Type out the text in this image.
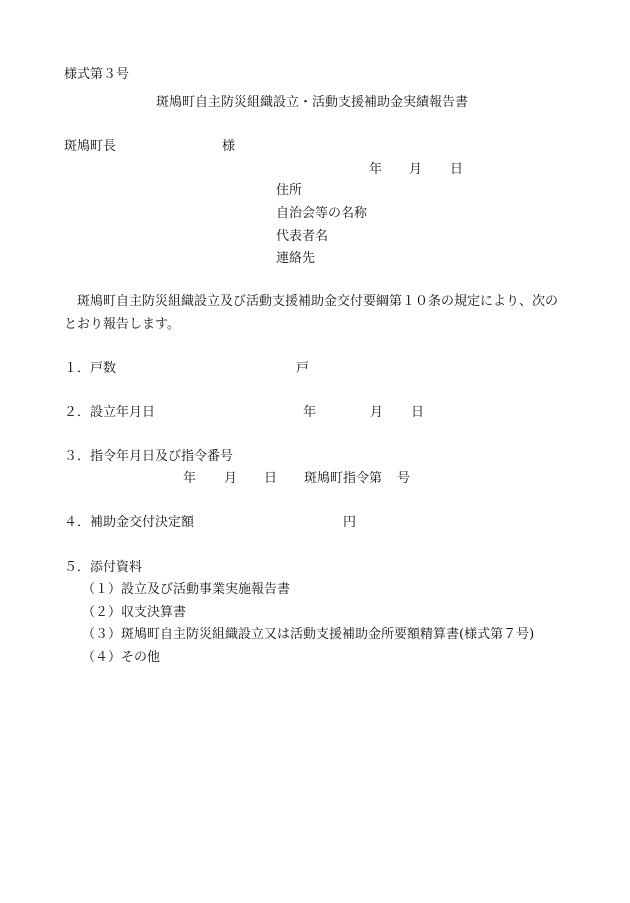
様式第３号
斑鳩町自主防災組織設立・活動支援補助金実績報告書
斑鳩町長	様
年 月 日
住所
自治会等の名称
代表者名
連絡先
斑鳩町自主防災組織設立及び活動支援補助金交付要綱第１０条の規定により、次の
とおり報告します。
１．戸数	戸
２．設立年月日	年	月 日
３．指令年月日及び指令番号
年 月 日 斑鳩町指令第 号
４．補助金交付決定額	円
５．添付資料
（１）設立及び活動事業実施報告書
（２）収支決算書
（３）斑鳩町自主防災組織設立又は活動支援補助金所要額精算書(様式第７号)
（４）その他
